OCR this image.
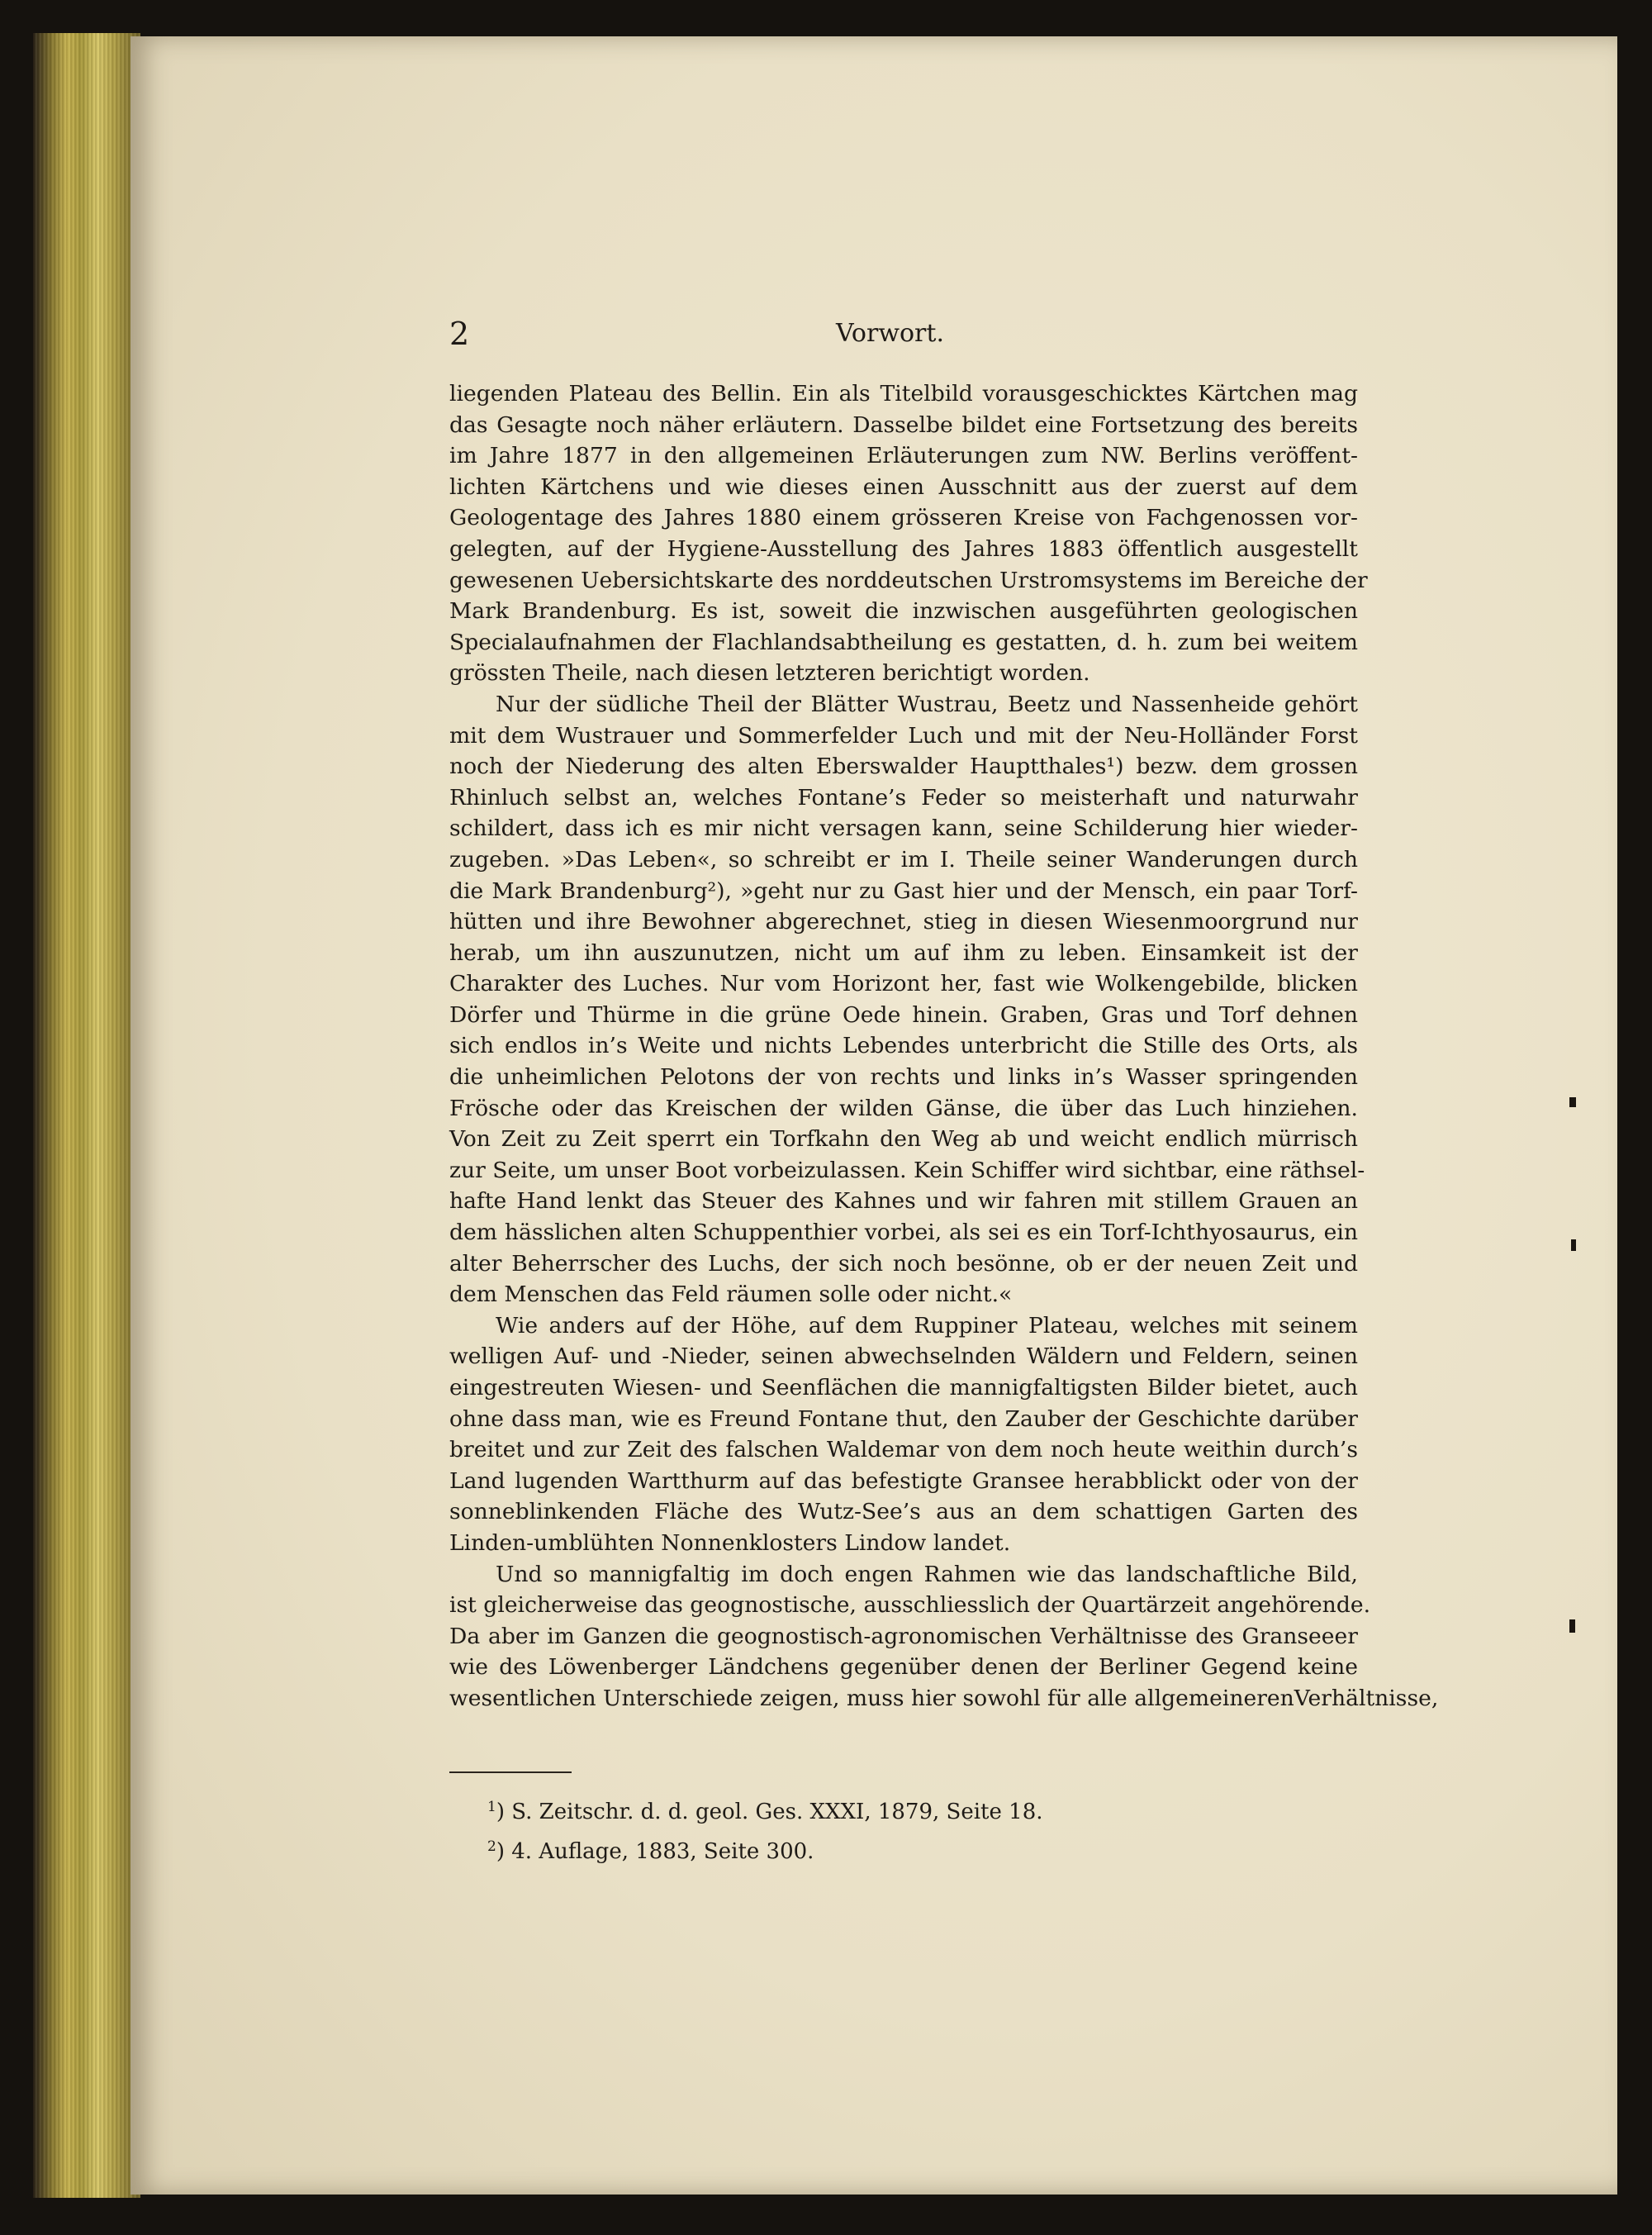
2	Vorwort.
liegenden Plateau des Bellin. Ein als Titelbild vorausgeschicktes Kärtchen mag
das Gesagte noch näher erläutern. Dasselbe bildet eine Fortsetzung des bereits
im Jahre 1877 in den allgemeinen Erläuterungen zum NW. Berlins veröffent-
lichten Kärtchens und wie dieses einen Ausschnitt aus der zuerst auf dem
Geologentage des Jahres 1880 einem grösseren Kreise von Fachgenossen vor-
gelegten, auf der Hygiene-Ausstellung des Jahres 1883 öffentlich ausgestellt
gewesenen Uebersichtskarte des norddeutschen Urstromsystems im Bereiche der
Mark Brandenburg. Es ist, soweit die inzwischen ausgeführten geologischen
Specialaufnahmen der Flachlandsabtheilung es gestatten, d. h. zum bei weitem
grössten Theile, nach diesen letzteren berichtigt worden.
Nur der südliche Theil der Blätter Wustrau, Beetz und Nassenheide gehört
mit dem Wustrauer und Sommerfelder Luch und mit der Neu-Holländer Forst
noch der Niederung des alten Eberswalder Hauptthales¹) bezw. dem grossen
Rhinluch selbst an, welches Fontane’s Feder so meisterhaft und naturwahr
schildert, dass ich es mir nicht versagen kann, seine Schilderung hier wieder-
zugeben. »Das Leben«, so schreibt er im I. Theile seiner Wanderungen durch
die Mark Brandenburg²), »geht nur zu Gast hier und der Mensch, ein paar Torf-
hütten und ihre Bewohner abgerechnet, stieg in diesen Wiesenmoorgrund nur
herab, um ihn auszunutzen, nicht um auf ihm zu leben. Einsamkeit ist der
Charakter des Luches. Nur vom Horizont her, fast wie Wolkengebilde, blicken
Dörfer und Thürme in die grüne Oede hinein. Graben, Gras und Torf dehnen
sich endlos in’s Weite und nichts Lebendes unterbricht die Stille des Orts, als
die unheimlichen Pelotons der von rechts und links in’s Wasser springenden
Frösche oder das Kreischen der wilden Gänse, die über das Luch hinziehen.
Von Zeit zu Zeit sperrt ein Torfkahn den Weg ab und weicht endlich mürrisch
zur Seite, um unser Boot vorbeizulassen. Kein Schiffer wird sichtbar, eine räthsel-
hafte Hand lenkt das Steuer des Kahnes und wir fahren mit stillem Grauen an
dem hässlichen alten Schuppenthier vorbei, als sei es ein Torf-Ichthyosaurus, ein
alter Beherrscher des Luchs, der sich noch besönne, ob er der neuen Zeit und
dem Menschen das Feld räumen solle oder nicht.«
Wie anders auf der Höhe, auf dem Ruppiner Plateau, welches mit seinem
welligen Auf- und -Nieder, seinen abwechselnden Wäldern und Feldern, seinen
eingestreuten Wiesen- und Seenflächen die mannigfaltigsten Bilder bietet, auch
ohne dass man, wie es Freund Fontane thut, den Zauber der Geschichte darüber
breitet und zur Zeit des falschen Waldemar von dem noch heute weithin durch’s
Land lugenden Wartthurm auf das befestigte Gransee herabblickt oder von der
sonneblinkenden Fläche des Wutz-See’s aus an dem schattigen Garten des
Linden-umblühten Nonnenklosters Lindow landet.
Und so mannigfaltig im doch engen Rahmen wie das landschaftliche Bild,
ist gleicherweise das geognostische, ausschliesslich der Quartärzeit angehörende.
Da aber im Ganzen die geognostisch-agronomischen Verhältnisse des Granseeer
wie des Löwenberger Ländchens gegenüber denen der Berliner Gegend keine
wesentlichen Unterschiede zeigen, muss hier sowohl für alle allgemeinerenVerhältnisse,
$^1$) S. Zeitschr. d. d. geol. Ges. XXXI, 1879, Seite 18.
$^2$) 4. Auflage, 1883, Seite 300.
